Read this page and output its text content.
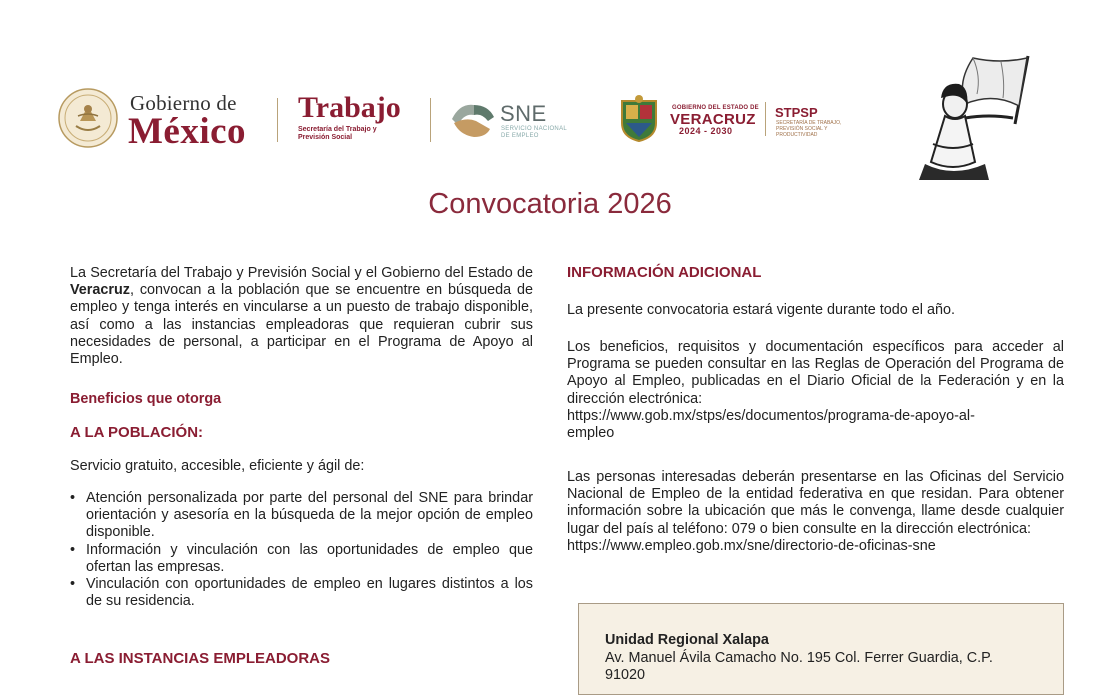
Gobierno de
México
Trabajo
Secretaría del Trabajo y Previsión Social
SNE
SERVICIO NACIONAL DE EMPLEO
GOBIERNO DEL ESTADO DE
VERACRUZ
2024 - 2030
STPSP
SECRETARÍA DE TRABAJO, PREVISIÓN SOCIAL Y PRODUCTIVIDAD
Convocatoria 2026

La Secretaría del Trabajo y Previsión Social y el Gobierno del Estado de Veracruz, convocan a la población que se encuentre en búsqueda de empleo y tenga interés en vincularse a un puesto de trabajo disponible, así como a las instancias empleadoras que requieran cubrir sus necesidades de personal, a participar en el Programa de Apoyo al Empleo.

Beneficios que otorga
A LA POBLACIÓN:
Servicio gratuito, accesible, eficiente y ágil de:
• Atención personalizada por parte del personal del SNE para brindar orientación y asesoría en la búsqueda de la mejor opción de empleo disponible.
• Información y vinculación con las oportunidades de empleo que ofertan las empresas.
• Vinculación con oportunidades de empleo en lugares distintos a los de su residencia.
A LAS INSTANCIAS EMPLEADORAS
INFORMACIÓN ADICIONAL
La presente convocatoria estará vigente durante todo el año.

Los beneficios, requisitos y documentación específicos para acceder al Programa se pueden consultar en las Reglas de Operación del Programa de Apoyo al Empleo, publicadas en el Diario Oficial de la Federación y en la dirección electrónica:

https://www.gob.mx/stps/es/documentos/programa-de-apoyo-al-
empleo

Las personas interesadas deberán presentarse en las Oficinas del Servicio Nacional de Empleo de la entidad federativa en que residan. Para obtener información sobre la ubicación que más le convenga, llame desde cualquier lugar del país al teléfono: 079 o bien consulte en la dirección electrónica:

https://www.empleo.gob.mx/sne/directorio-de-oficinas-sne
Unidad Regional Xalapa
Av. Manuel Ávila Camacho No. 195 Col. Ferrer Guardia, C.P. 91020
